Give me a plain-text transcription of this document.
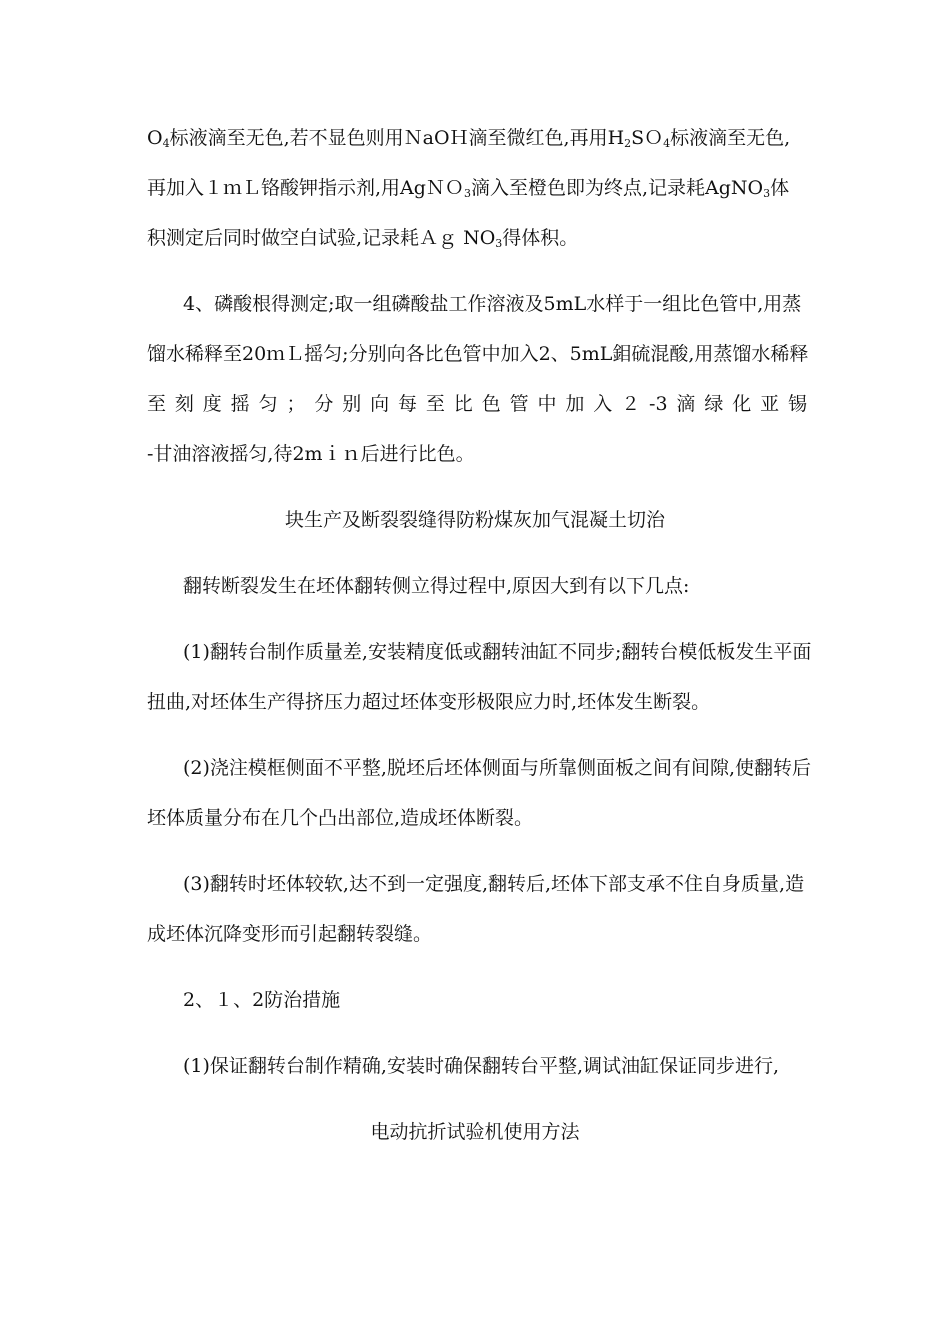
$O_4$标液滴至无色,若不显色则用ＮaOＨ滴至微红色,再用$H_2SO_4$标液滴至无色,
再加入１ｍＬ铬酸钾指示剂,用AgＮＯ$_3$滴入至橙色即为终点,记录耗AgNO$_3$体
积测定后同时做空白试验,记录耗Ａｇ $NO_3$得体积。
4、磷酸根得测定;取一组磷酸盐工作溶液及5mL水样于一组比色管中,用蒸
馏水稀释至20ｍＬ摇匀;分别向各比色管中加入2、5mL鉬硫混酸,用蒸馏水稀释
至 刻 度 摇 匀 ； 分 别 向 每 至 比 色 管 中 加 入 ２ -3 滴 绿 化 亚 锡
-甘油溶液摇匀,待2mｉｎ后进行比色。
块生产及断裂裂缝得防粉煤灰加气混凝土切治
翻转断裂发生在坯体翻转侧立得过程中,原因大到有以下几点:
(1)翻转台制作质量差,安装精度低或翻转油缸不同步;翻转台模低板发生平面
扭曲,对坯体生产得挤压力超过坯体变形极限应力时,坯体发生断裂。
(2)浇注模框侧面不平整,脱坯后坯体侧面与所靠侧面板之间有间隙,使翻转后
坯体质量分布在几个凸出部位,造成坯体断裂。
(3)翻转时坯体较软,达不到一定强度,翻转后,坯体下部支承不住自身质量,造
成坯体沉降变形而引起翻转裂缝。
2、１、2防治措施
(1)保证翻转台制作精确,安装时确保翻转台平整,调试油缸保证同步进行,
电动抗折试验机使用方法
